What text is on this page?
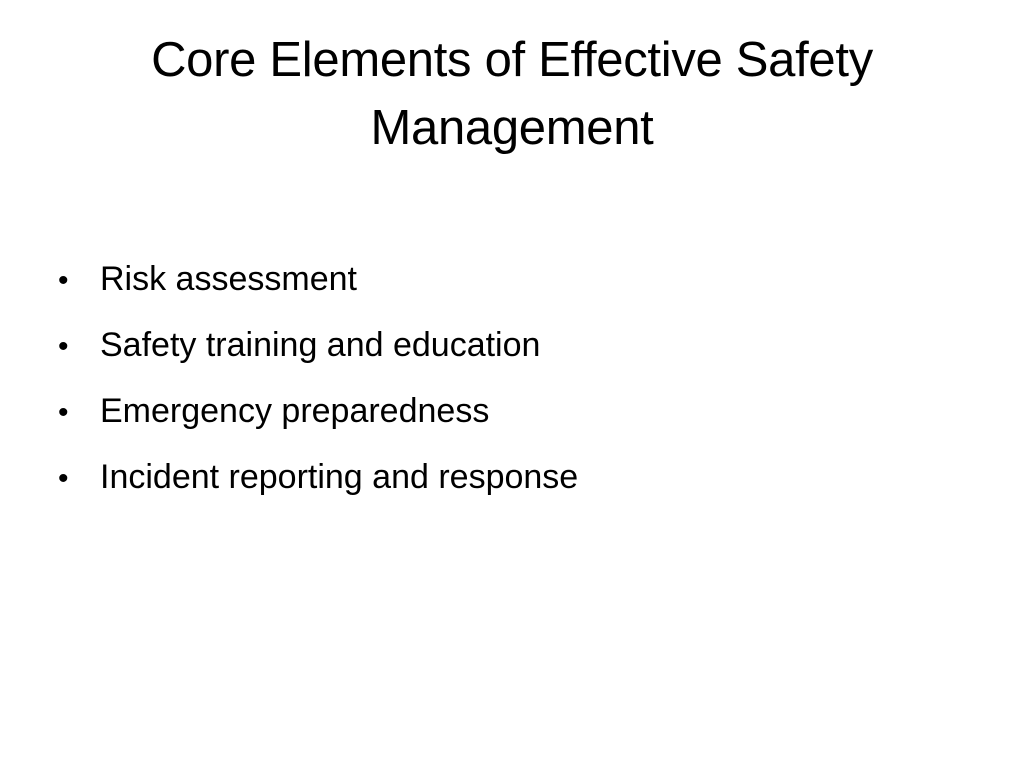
Core Elements of Effective Safety Management
• Risk assessment
• Safety training and education
• Emergency preparedness
• Incident reporting and response
